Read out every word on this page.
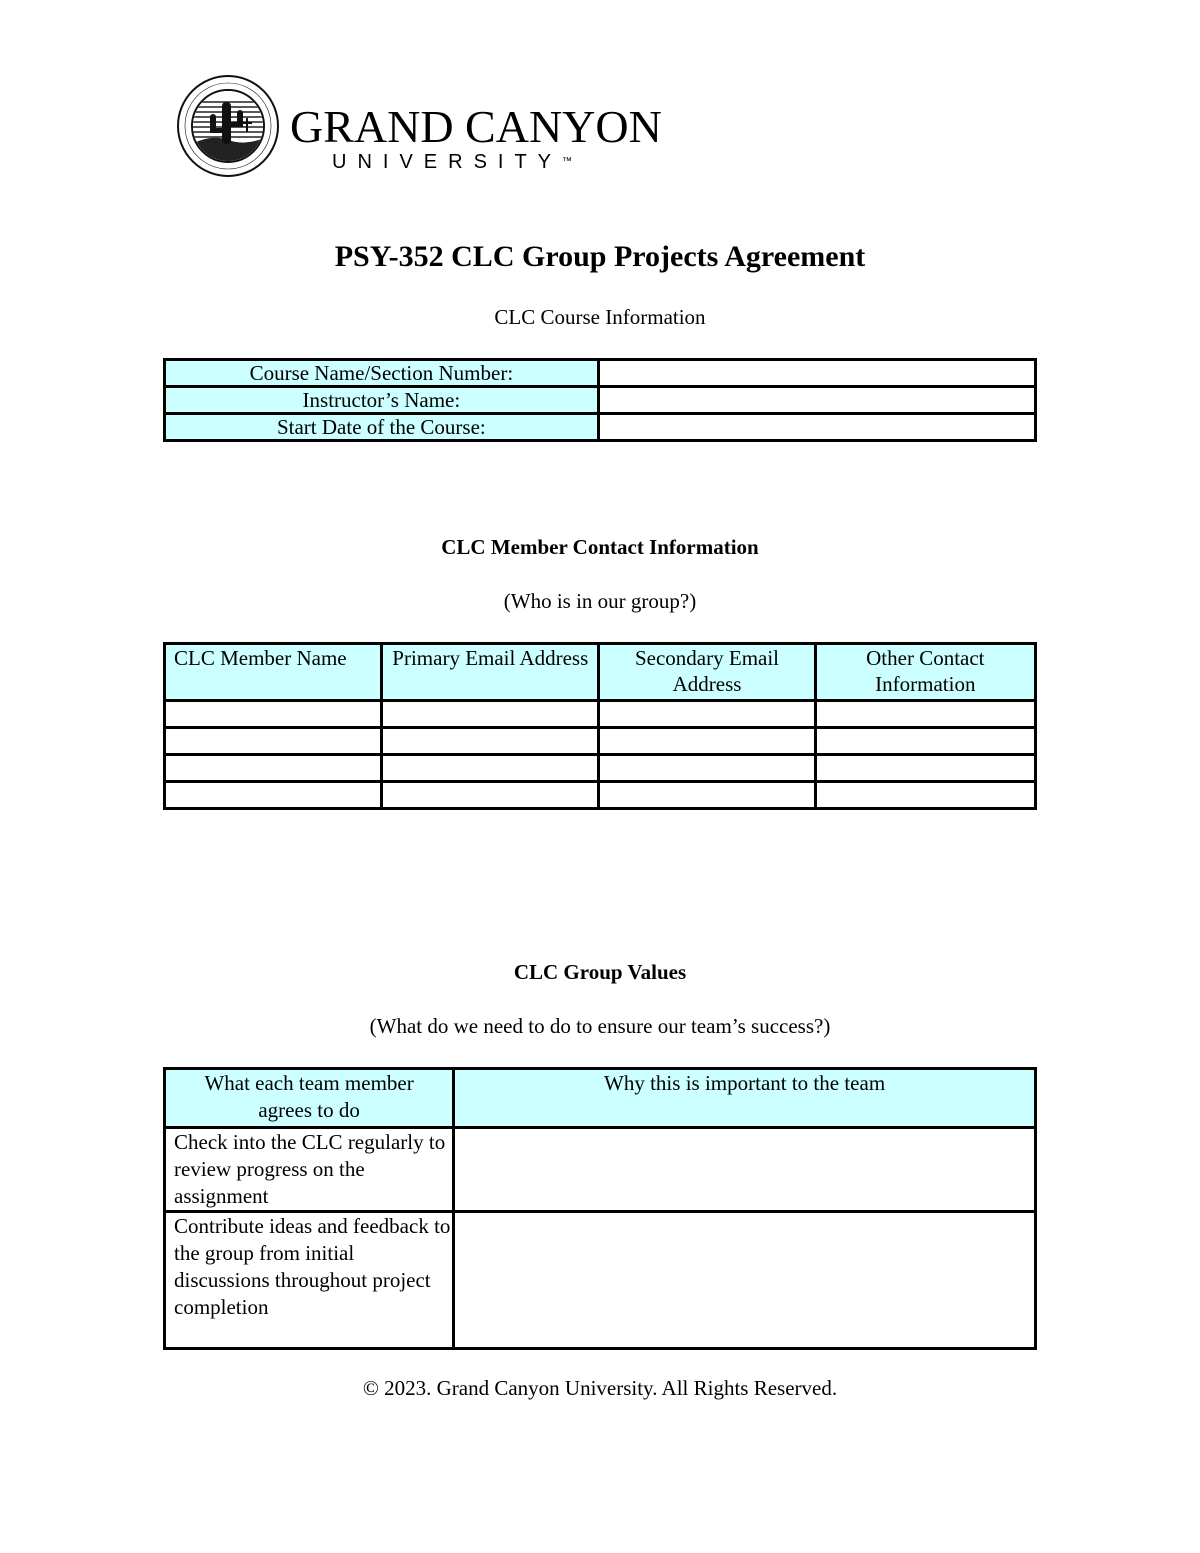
GRAND CANYON
UNIVERSITY™
PSY-352 CLC Group Projects Agreement
CLC Course Information
Course Name/Section Number:	
Instructor’s Name:	
Start Date of the Course:	
CLC Member Contact Information
(Who is in our group?)
CLC Member Name	Primary Email Address	Secondary Email Address	Other Contact Information

CLC Group Values
(What do we need to do to ensure our team’s success?)
What each team member agrees to do	Why this is important to the team
Check into the CLC regularly to review progress on the assignment	
Contribute ideas and feedback to the group from initial discussions throughout project completion	
© 2023. Grand Canyon University. All Rights Reserved.
